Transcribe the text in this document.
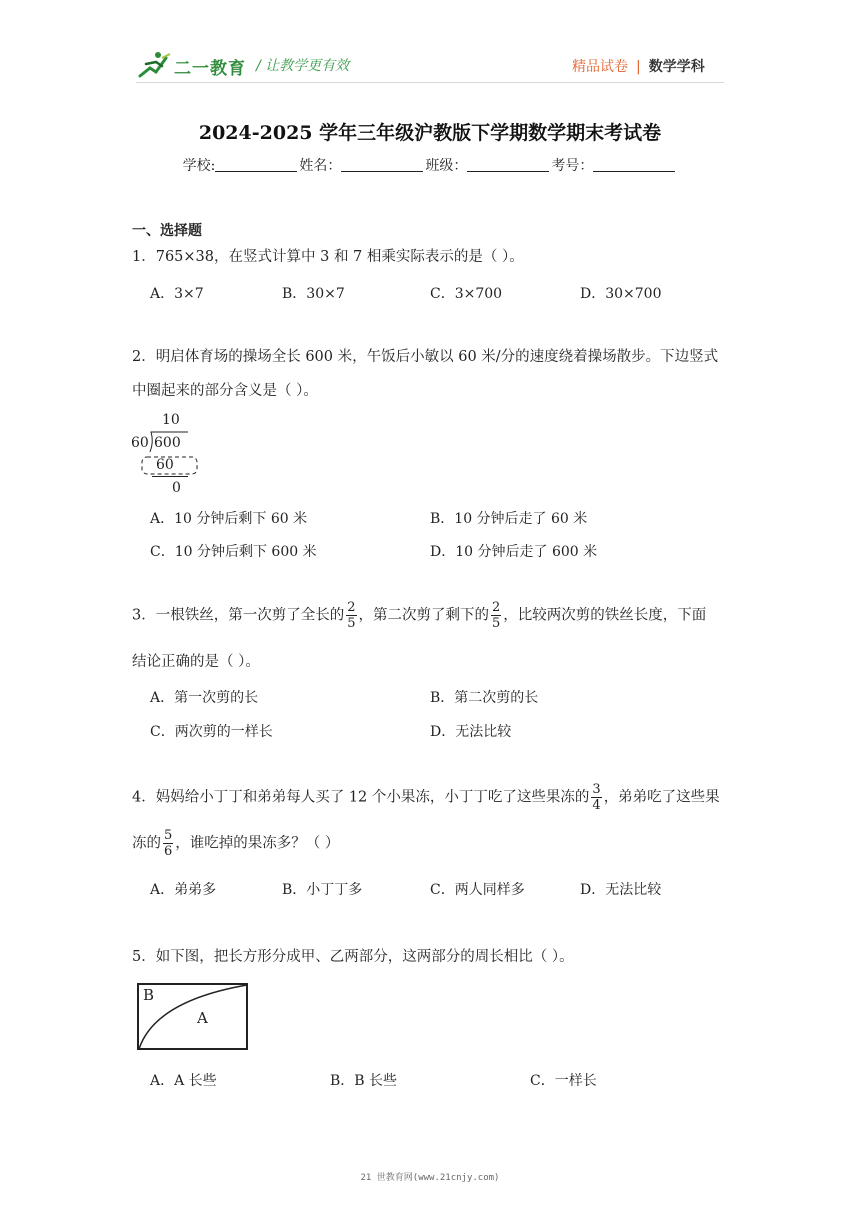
二一教育 / 让教学更有效	精品试卷 | 数学学科
2024-2025 学年三年级沪教版下学期数学期末考试卷
学校:	姓名：	班级：	考号：
一、选择题
1．765×38，在竖式计算中 3 和 7 相乘实际表示的是（ ）。
A．3×7	B．30×7	C．3×700	D．30×700
2．明启体育场的操场全长 600 米，午饭后小敏以 60 米/分的速度绕着操场散步。下边竖式
中圈起来的部分含义是（ ）。
10
60 600
60
0
A．10 分钟后剩下 60 米	B．10 分钟后走了 60 米
C．10 分钟后剩下 600 米	D．10 分钟后走了 600 米
3．一根铁丝，第一次剪了全长的 $\frac{2}{5}$ ，第二次剪了剩下的 $\frac{2}{5}$ ，比较两次剪的铁丝长度，下面
结论正确的是（ ）。
A．第一次剪的长	B．第二次剪的长
C．两次剪的一样长	D．无法比较
4．妈妈给小丁丁和弟弟每人买了 12 个小果冻，小丁丁吃了这些果冻的 $\frac{3}{4}$ ，弟弟吃了这些果
冻的 $\frac{5}{6}$ ，谁吃掉的果冻多？（ ）
A．弟弟多	B．小丁丁多	C．两人同样多	D．无法比较
5．如下图，把长方形分成甲、乙两部分，这两部分的周长相比（ ）。
B
A
A．A 长些	B．B 长些	C．一样长
21 世教育网(www.21cnjy.com)
